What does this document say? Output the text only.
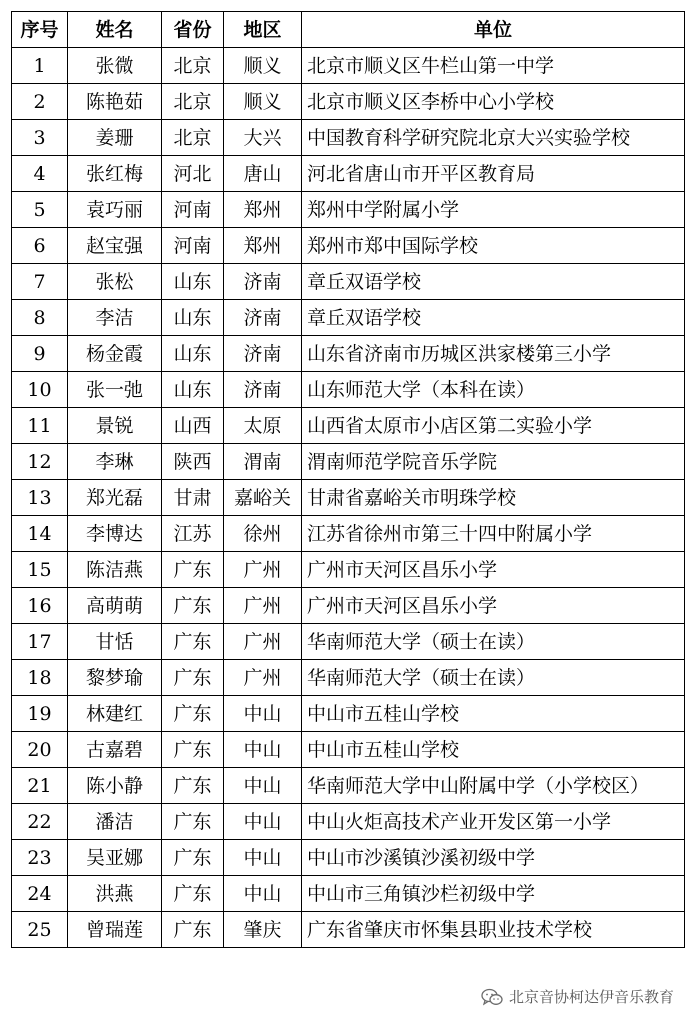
序号	姓名	省份	地区	单位
1	张微	北京	顺义	北京市顺义区牛栏山第一中学
2	陈艳茹	北京	顺义	北京市顺义区李桥中心小学校
3	姜珊	北京	大兴	中国教育科学研究院北京大兴实验学校
4	张红梅	河北	唐山	河北省唐山市开平区教育局
5	袁巧丽	河南	郑州	郑州中学附属小学
6	赵宝强	河南	郑州	郑州市郑中国际学校
7	张松	山东	济南	章丘双语学校
8	李洁	山东	济南	章丘双语学校
9	杨金霞	山东	济南	山东省济南市历城区洪家楼第三小学
10	张一弛	山东	济南	山东师范大学（本科在读）
11	景锐	山西	太原	山西省太原市小店区第二实验小学
12	李琳	陕西	渭南	渭南师范学院音乐学院
13	郑光磊	甘肃	嘉峪关	甘肃省嘉峪关市明珠学校
14	李博达	江苏	徐州	江苏省徐州市第三十四中附属小学
15	陈洁燕	广东	广州	广州市天河区昌乐小学
16	高萌萌	广东	广州	广州市天河区昌乐小学
17	甘恬	广东	广州	华南师范大学（硕士在读）
18	黎梦瑜	广东	广州	华南师范大学（硕士在读）
19	林建红	广东	中山	中山市五桂山学校
20	古嘉碧	广东	中山	中山市五桂山学校
21	陈小静	广东	中山	华南师范大学中山附属中学（小学校区）
22	潘洁	广东	中山	中山火炬高技术产业开发区第一小学
23	吴亚娜	广东	中山	中山市沙溪镇沙溪初级中学
24	洪燕	广东	中山	中山市三角镇沙栏初级中学
25	曾瑞莲	广东	肇庆	广东省肇庆市怀集县职业技术学校
北京音协柯达伊音乐教育
